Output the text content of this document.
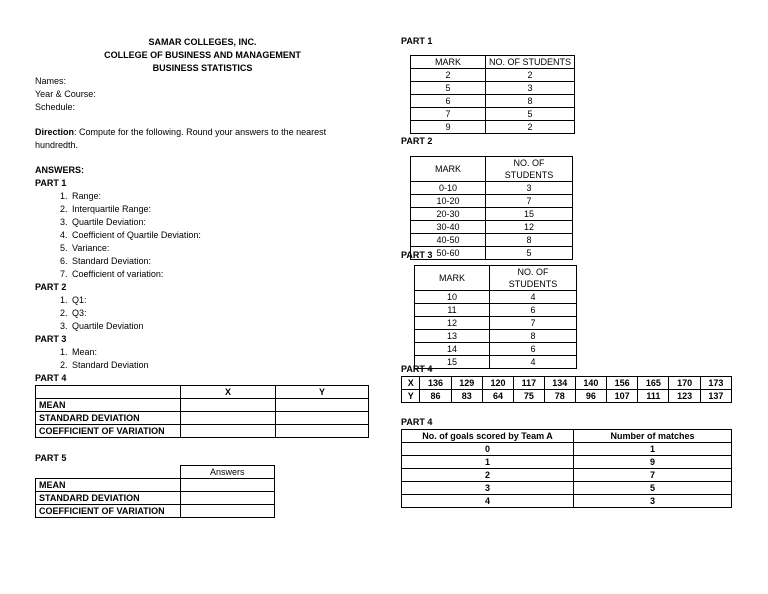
SAMAR COLLEGES, INC.
COLLEGE OF BUSINESS AND MANAGEMENT
BUSINESS STATISTICS
Names:
Year & Course:
Schedule:
Direction: Compute for the following. Round your answers to the nearest hundredth.
ANSWERS:
PART 1
1. Range:
2. Interquartile Range:
3. Quartile Deviation:
4. Coefficient of Quartile Deviation:
5. Variance:
6. Standard Deviation:
7. Coefficient of variation:
PART 2
1. Q1:
2. Q3:
3. Quartile Deviation
PART 3
1. Mean:
2. Standard Deviation
PART 4
	X	Y
MEAN		
STANDARD DEVIATION		
COEFFICIENT OF VARIATION		
PART 5
	Answers
MEAN	
STANDARD DEVIATION	
COEFFICIENT OF VARIATION	
PART 1
MARK	NO. OF STUDENTS
2	2
5	3
6	8
7	5
9	2
PART 2
MARK	NO. OF STUDENTS
0-10	3
10-20	7
20-30	15
30-40	12
40-50	8
50-60	5
PART 3
MARK	NO. OF STUDENTS
10	4
11	6
12	7
13	8
14	6
15	4
PART 4
X	136	129	120	117	134	140	156	165	170	173
Y	86	83	64	75	78	96	107	111	123	137
PART 4
No. of goals scored by Team A	Number of matches
0	1
1	9
2	7
3	5
4	3
